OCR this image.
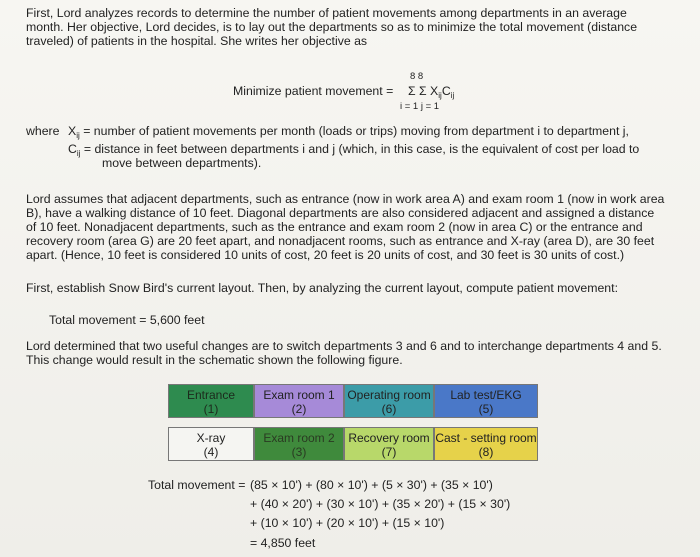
First, Lord analyzes records to determine the number of patient movements among departments in an average
month. Her objective, Lord decides, is to lay out the departments so as to minimize the total movement (distance
traveled) of patients in the hospital. She writes her objective as
Minimize patient movement =
8 8
Σ Σ $X_{ij}C_{ij}$
i = 1 j = 1
where $X_{ij}$ = number of patient movements per month (loads or trips) moving from department i to department j,
$C_{ij}$ = distance in feet between departments i and j (which, in this case, is the equivalent of cost per load to
move between departments).
Lord assumes that adjacent departments, such as entrance (now in work area A) and exam room 1 (now in work area
B), have a walking distance of 10 feet. Diagonal departments are also considered adjacent and assigned a distance
of 10 feet. Nonadjacent departments, such as the entrance and exam room 2 (now in area C) or the entrance and
recovery room (area G) are 20 feet apart, and nonadjacent rooms, such as entrance and X-ray (area D), are 30 feet
apart. (Hence, 10 feet is considered 10 units of cost, 20 feet is 20 units of cost, and 30 feet is 30 units of cost.)
First, establish Snow Bird's current layout. Then, by analyzing the current layout, compute patient movement:
Total movement = 5,600 feet
Lord determined that two useful changes are to switch departments 3 and 6 and to interchange departments 4 and 5.
This change would result in the schematic shown the following figure.
Entrance
(1)
Exam room 1
(2)
Operating room
(6)
Lab test/EKG
(5)
X-ray
(4)
Exam room 2
(3)
Recovery room
(7)
Cast - setting room
(8)
Total movement = (85 × 10') + (80 × 10') + (5 × 30') + (35 × 10')
+ (40 × 20') + (30 × 10') + (35 × 20') + (15 × 30')
+ (10 × 10') + (20 × 10') + (15 × 10')
= 4,850 feet
